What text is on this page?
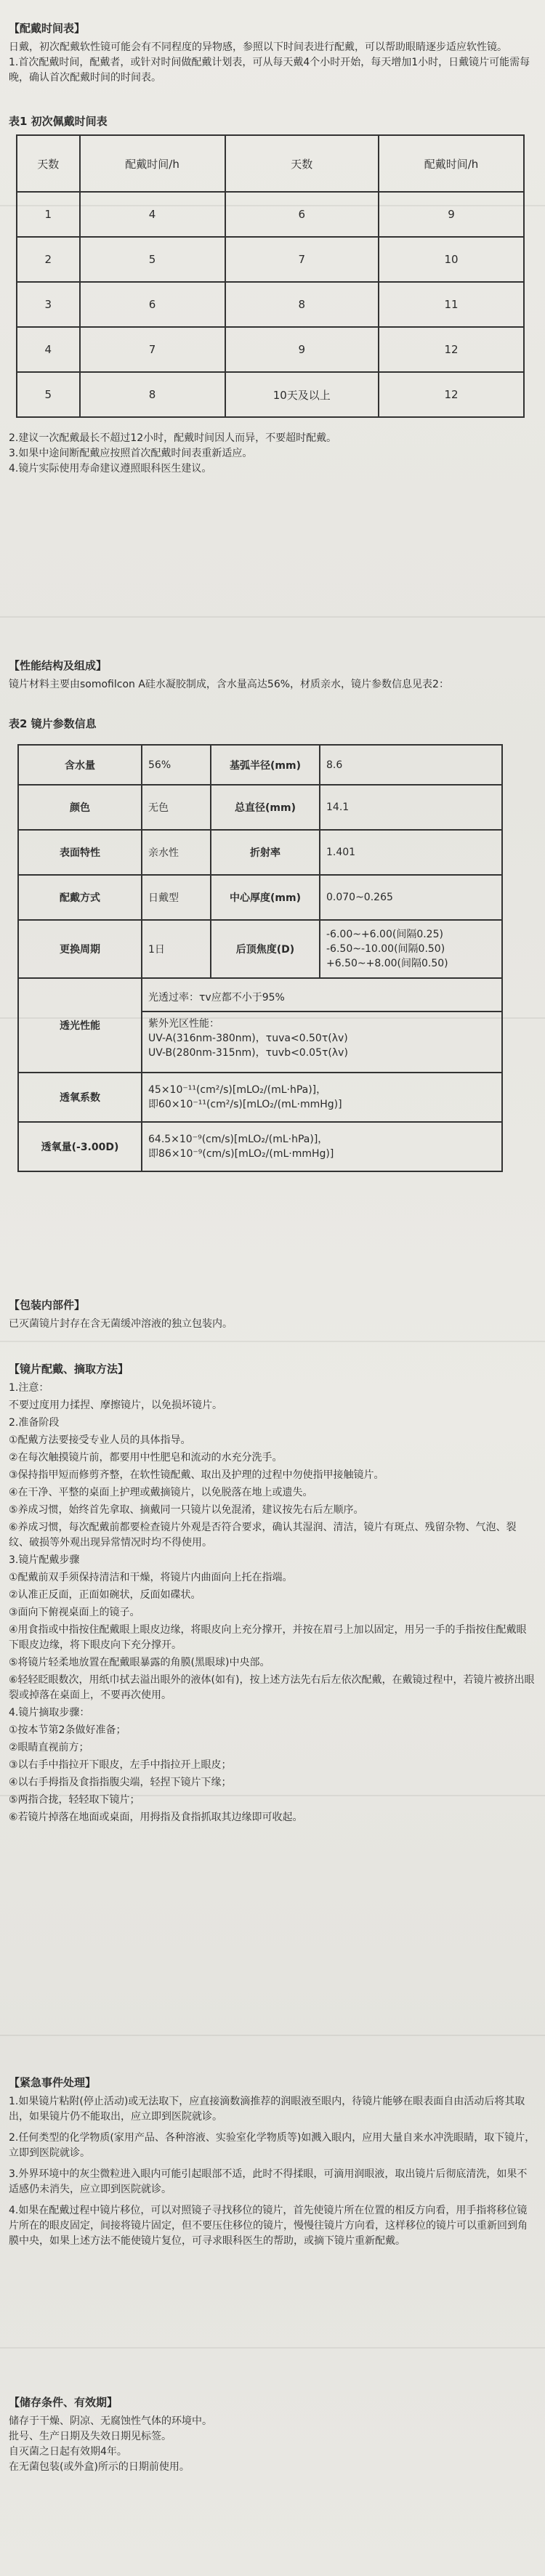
【配戴时间表】

日戴，初次配戴软性镜可能会有不同程度的异物感，参照以下时间表进行配戴，可以帮助眼睛逐步适应软性镜。

1.首次配戴时间，配戴者，或针对时间做配戴计划表，可从每天戴4个小时开始，每天增加1小时，日戴镜片可能需每晚，确认首次配戴时间的时间表。

表1 初次佩戴时间表
天数	配戴时间/h	天数	配戴时间/h
1	4	6	9
2	5	7	10
3	6	8	11
4	7	9	12
5	8	10天及以上	12

2.建议一次配戴最长不超过12小时，配戴时间因人而异，不要超时配戴。

3.如果中途间断配戴应按照首次配戴时间表重新适应。

4.镜片实际使用寿命建议遵照眼科医生建议。

【性能结构及组成】

镜片材料主要由somofilcon A硅水凝胶制成，含水量高达56%，材质亲水，镜片参数信息见表2：

表2 镜片参数信息
含水量	56%	基弧半径(mm)	8.6
颜色	无色	总直径(mm)	14.1
表面特性	亲水性	折射率	1.401
配戴方式	日戴型	中心厚度(mm)	0.070~0.265
更换周期	1日	后顶焦度(D)	-6.00~+6.00(间隔0.25)
-6.50~-10.00(间隔0.50)
+6.50~+8.00(间隔0.50)

透光性能	光透过率：τv应都不小于95%
紫外光区性能：
UV-A(316nm-380nm)，τuva<0.50τ(λv)
UV-B(280nm-315nm)，τuvb<0.05τ(λv)		

透氧系数	45×10⁻¹¹(cm²/s)[mLO₂/(mL·hPa)]，
即60×10⁻¹¹(cm²/s)[mLO₂/(mL·mmHg)]		

透氧量(-3.00D)	64.5×10⁻⁹(cm/s)[mLO₂/(mL·hPa)]，
即86×10⁻⁹(cm/s)[mLO₂/(mL·mmHg)]		
【包装内部件】

已灭菌镜片封存在含无菌缓冲溶液的独立包装内。

【镜片配戴、摘取方法】

1.注意：

不要过度用力揉捏、摩擦镜片，以免损坏镜片。

2.准备阶段

①配戴方法要接受专业人员的具体指导。

②在每次触摸镜片前，都要用中性肥皂和流动的水充分洗手。

③保持指甲短而修剪齐整，在软性镜配戴、取出及护理的过程中勿使指甲接触镜片。

④在干净、平整的桌面上护理或戴摘镜片，以免脱落在地上或遗失。

⑤养成习惯，始终首先拿取、摘戴同一只镜片以免混淆，建议按先右后左顺序。

⑥养成习惯，每次配戴前都要检查镜片外观是否符合要求，确认其湿润、清洁，镜片有斑点、残留杂物、气泡、裂纹、破损等外观出现异常情况时均不得使用。

3.镜片配戴步骤

①配戴前双手须保持清洁和干燥，将镜片内曲面向上托在指端。

②认准正反面，正面如碗状，反面如碟状。

③面向下俯视桌面上的镜子。

④用食指或中指按住配戴眼上眼皮边缘，将眼皮向上充分撑开，并按在眉弓上加以固定，用另一手的手指按住配戴眼下眼皮边缘，将下眼皮向下充分撑开。

⑤将镜片轻柔地放置在配戴眼暴露的角膜(黑眼球)中央部。

⑥轻轻眨眼数次，用纸巾拭去溢出眼外的液体(如有)，按上述方法先右后左依次配戴，在戴镜过程中，若镜片被挤出眼裂或掉落在桌面上，不要再次使用。

4.镜片摘取步骤：

①按本节第2条做好准备；

②眼睛直视前方；

③以右手中指拉开下眼皮，左手中指拉开上眼皮；

④以右手拇指及食指指腹尖端，轻捏下镜片下缘；

⑤两指合拢，轻轻取下镜片；

⑥若镜片掉落在地面或桌面，用拇指及食指抓取其边缘即可收起。

【紧急事件处理】

1.如果镜片粘附(停止活动)或无法取下，应直接滴数滴推荐的润眼液至眼内，待镜片能够在眼表面自由活动后将其取出，如果镜片仍不能取出，应立即到医院就诊。

2.任何类型的化学物质(家用产品、各种溶液、实验室化学物质等)如溅入眼内，应用大量自来水冲洗眼睛，取下镜片，立即到医院就诊。

3.外界环境中的灰尘微粒进入眼内可能引起眼部不适，此时不得揉眼，可滴用润眼液，取出镜片后彻底清洗，如果不适感仍未消失，应立即到医院就诊。

4.如果在配戴过程中镜片移位，可以对照镜子寻找移位的镜片，首先使镜片所在位置的相反方向看，用手指将移位镜片所在的眼皮固定，间接将镜片固定，但不要压住移位的镜片，慢慢往镜片方向看，这样移位的镜片可以重新回到角膜中央，如果上述方法不能使镜片复位，可寻求眼科医生的帮助，或摘下镜片重新配戴。

【储存条件、有效期】

储存于干燥、阴凉、无腐蚀性气体的环境中。

批号、生产日期及失效日期见标签。

自灭菌之日起有效期4年。

在无菌包装(或外盒)所示的日期前使用。
